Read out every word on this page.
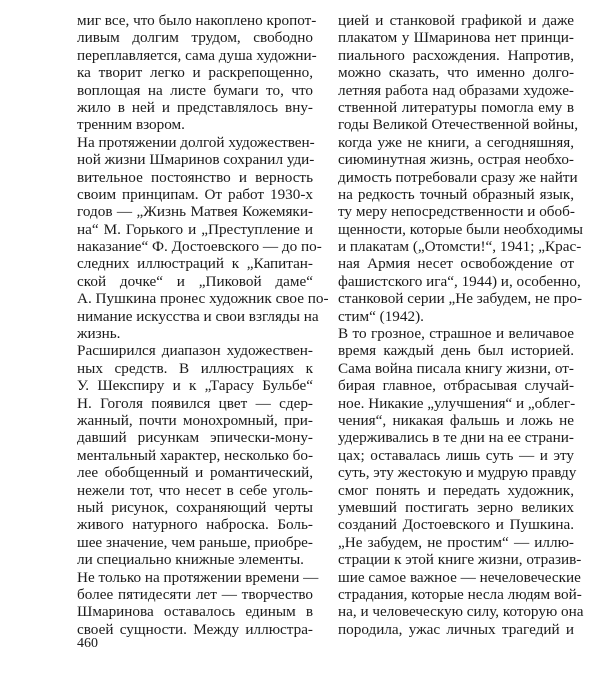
миг все, что было накоплено кропот-
ливым долгим трудом, свободно
переплавляется, сама душа художни-
ка творит легко и раскрепощенно,
воплощая на листе бумаги то, что
жило в ней и представлялось вну-
тренним взором.
На протяжении долгой художествен-
ной жизни Шмаринов сохранил уди-
вительное постоянство и верность
своим принципам. От работ 1930-х
годов — „Жизнь Матвея Кожемяки-
на“ М. Горького и „Преступление и
наказание“ Ф. Достоевского — до по-
следних иллюстраций к „Капитан-
ской дочке“ и „Пиковой даме“
А. Пушкина пронес художник свое по-
нимание искусства и свои взгляды на
жизнь.
Расширился диапазон художествен-
ных средств. В иллюстрациях к
У. Шекспиру и к „Тарасу Бульбе“
Н. Гоголя появился цвет — сдер-
жанный, почти монохромный, при-
давший рисункам эпически-мону-
ментальный характер, несколько бо-
лее обобщенный и романтический,
нежели тот, что несет в себе уголь-
ный рисунок, сохраняющий черты
живого натурного наброска. Боль-
шее значение, чем раньше, приобре-
ли специально книжные элементы.
Не только на протяжении времени —
более пятидесяти лет — творчество
Шмаринова оставалось единым в
своей сущности. Между иллюстра-
цией и станковой графикой и даже
плакатом у Шмаринова нет принци-
пиального расхождения. Напротив,
можно сказать, что именно долго-
летняя работа над образами художе-
ственной литературы помогла ему в
годы Великой Отечественной войны,
когда уже не книги, а сегодняшняя,
сиюминутная жизнь, острая необхо-
димость потребовали сразу же найти
на редкость точный образный язык,
ту меру непосредственности и обоб-
щенности, которые были необходимы
и плакатам („Отомсти!“, 1941; „Крас-
ная Армия несет освобождение от
фашистского ига“, 1944) и, особенно,
станковой серии „Не забудем, не про-
стим“ (1942).
В то грозное, страшное и величавое
время каждый день был историей.
Сама война писала книгу жизни, от-
бирая главное, отбрасывая случай-
ное. Никакие „улучшения“ и „облег-
чения“, никакая фальшь и ложь не
удерживались в те дни на ее страни-
цах; оставалась лишь суть — и эту
суть, эту жестокую и мудрую правду
смог понять и передать художник,
умевший постигать зерно великих
созданий Достоевского и Пушкина.
„Не забудем, не простим“ — иллю-
страции к этой книге жизни, отразив-
шие самое важное — нечеловеческие
страдания, которые несла людям вой-
на, и человеческую силу, которую она
породила, ужас личных трагедий и
460
